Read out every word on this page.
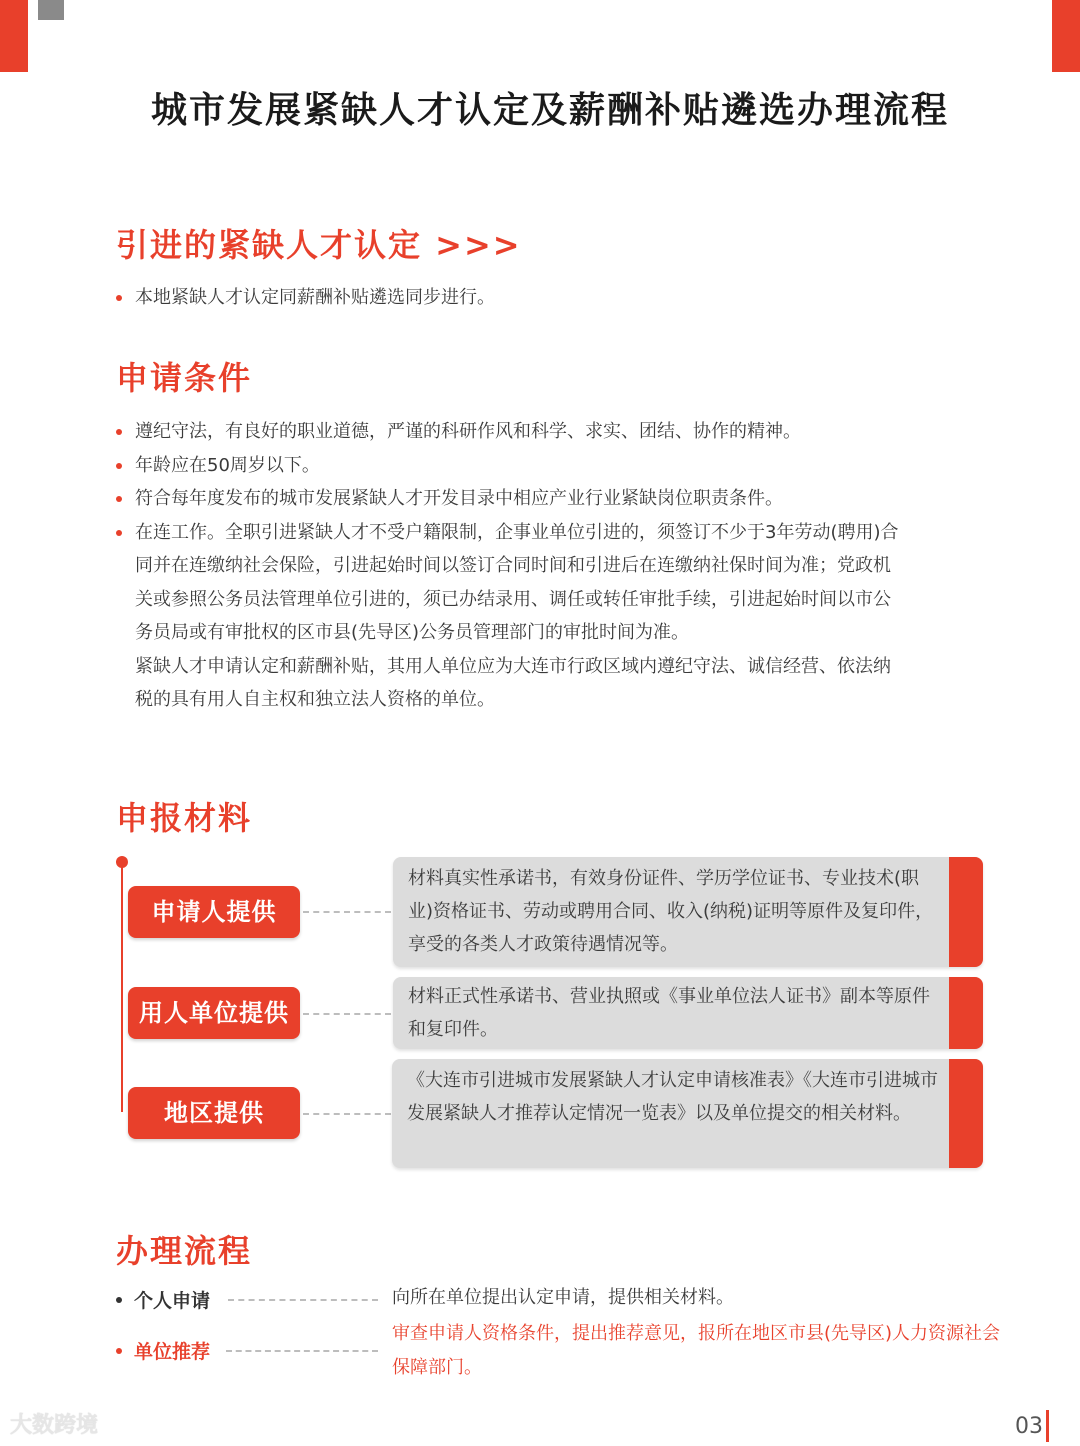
城市发展紧缺人才认定及薪酬补贴遴选办理流程
引进的紧缺人才认定 >>>
本地紧缺人才认定同薪酬补贴遴选同步进行。
申请条件
遵纪守法，有良好的职业道德，严谨的科研作风和科学、求实、团结、协作的精神。
年龄应在50周岁以下。
符合每年度发布的城市发展紧缺人才开发目录中相应产业行业紧缺岗位职责条件。
在连工作。全职引进紧缺人才不受户籍限制，企事业单位引进的，须签订不少于3年劳动(聘用)合同并在连缴纳社会保险，引进起始时间以签订合同时间和引进后在连缴纳社保时间为准；党政机关或参照公务员法管理单位引进的，须已办结录用、调任或转任审批手续，引进起始时间以市公务员局或有审批权的区市县(先导区)公务员管理部门的审批时间为准。
紧缺人才申请认定和薪酬补贴，其用人单位应为大连市行政区域内遵纪守法、诚信经营、依法纳税的具有用人自主权和独立法人资格的单位。
申报材料
申请人提供
材料真实性承诺书，有效身份证件、学历学位证书、专业技术(职业)资格证书、劳动或聘用合同、收入(纳税)证明等原件及复印件，享受的各类人才政策待遇情况等。
用人单位提供
材料正式性承诺书、营业执照或《事业单位法人证书》副本等原件和复印件。
地区提供
《大连市引进城市发展紧缺人才认定申请核准表》《大连市引进城市发展紧缺人才推荐认定情况一览表》以及单位提交的相关材料。
办理流程
个人申请	向所在单位提出认定申请，提供相关材料。
单位推荐
审查申请人资格条件，提出推荐意见，报所在地区市县(先导区)人力资源社会保障部门。
大数跨境	03
